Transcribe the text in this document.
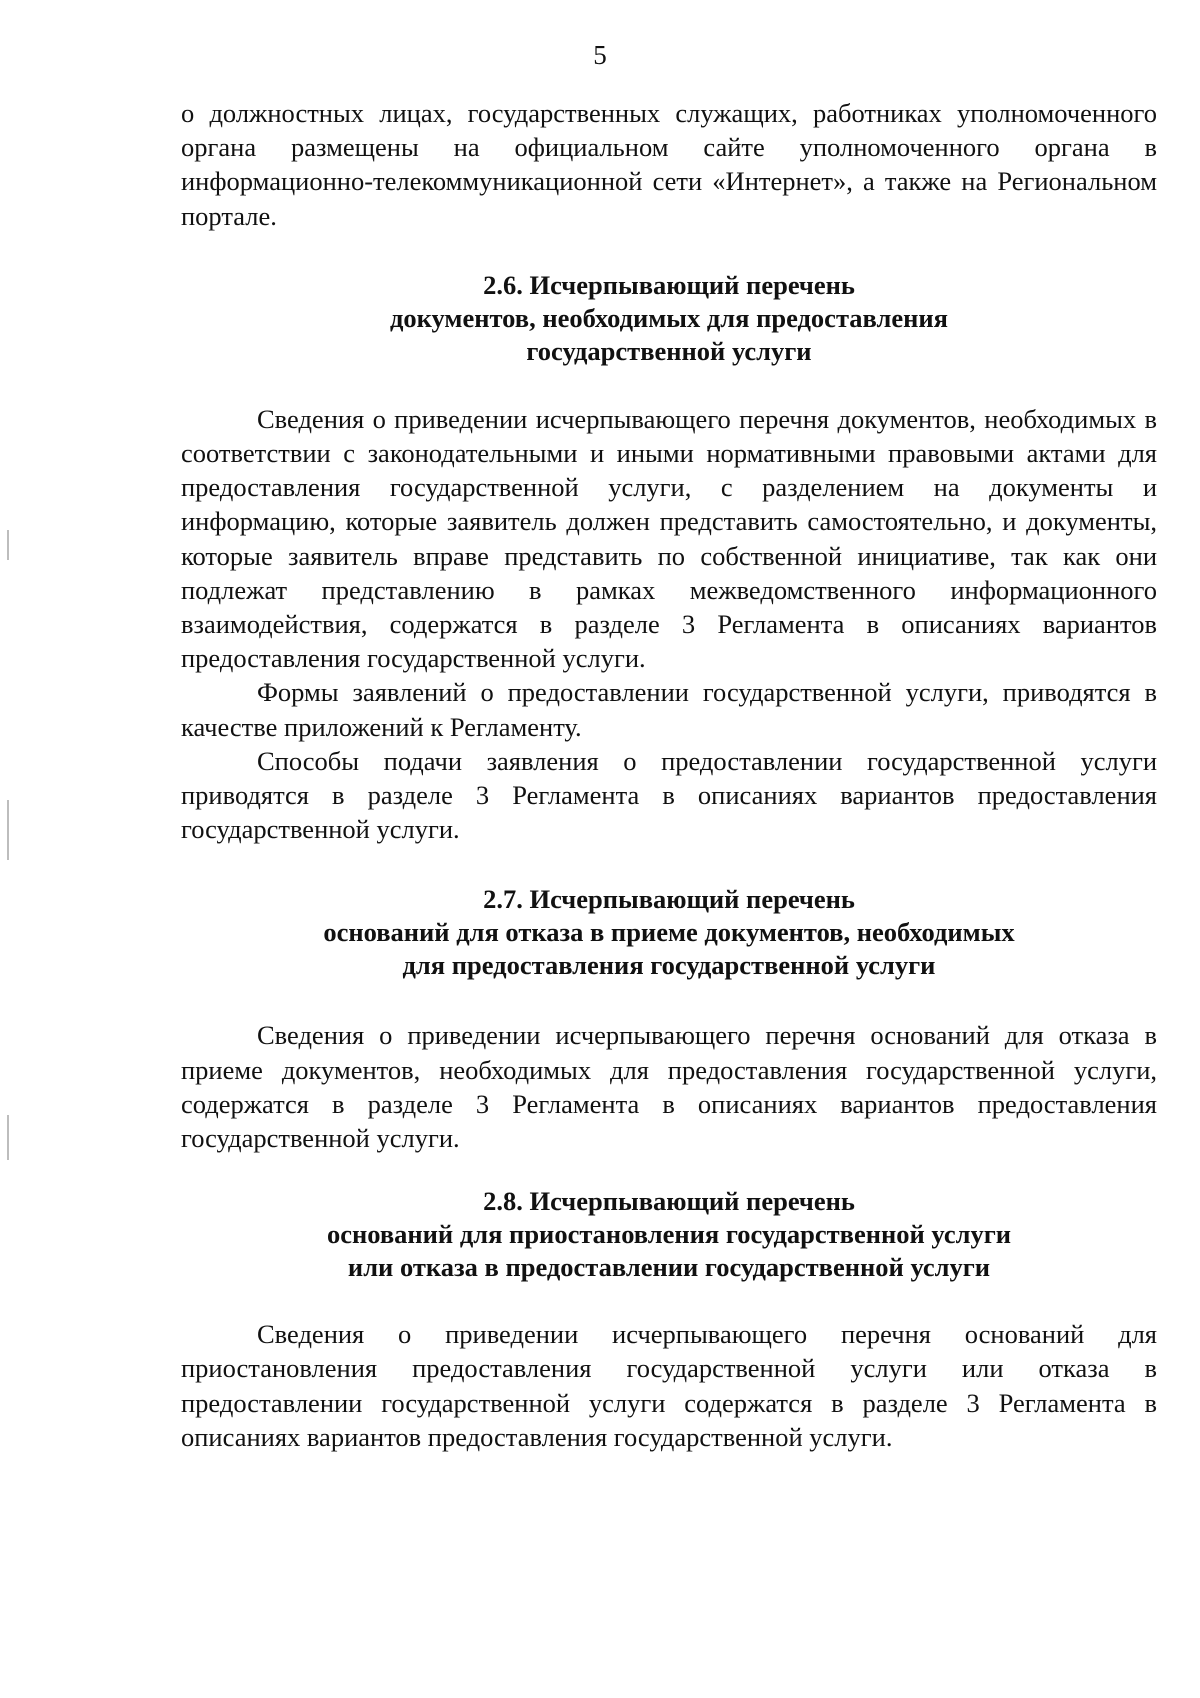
5

о должностных лицах, государственных служащих, работниках уполномоченного органа размещены на официальном сайте уполномоченного органа в информационно-телекоммуникационной сети «Интернет», а также на Региональном портале.

2.6. Исчерпывающий перечень
документов, необходимых для предоставления
государственной услуги

Сведения о приведении исчерпывающего перечня документов, необходимых в соответствии с законодательными и иными нормативными правовыми актами для предоставления государственной услуги, с разделением на документы и информацию, которые заявитель должен представить самостоятельно, и документы, которые заявитель вправе представить по собственной инициативе, так как они подлежат представлению в рамках межведомственного информационного взаимодействия, содержатся в разделе 3 Регламента в описаниях вариантов предоставления государственной услуги.

Формы заявлений о предоставлении государственной услуги, приводятся в качестве приложений к Регламенту.

Способы подачи заявления о предоставлении государственной услуги приводятся в разделе 3 Регламента в описаниях вариантов предоставления государственной услуги.

2.7. Исчерпывающий перечень
оснований для отказа в приеме документов, необходимых
для предоставления государственной услуги

Сведения о приведении исчерпывающего перечня оснований для отказа в приеме документов, необходимых для предоставления государственной услуги, содержатся в разделе 3 Регламента в описаниях вариантов предоставления государственной услуги.

2.8. Исчерпывающий перечень
оснований для приостановления государственной услуги
или отказа в предоставлении государственной услуги

Сведения о приведении исчерпывающего перечня оснований для приостановления предоставления государственной услуги или отказа в предоставлении государственной услуги содержатся в разделе 3 Регламента в описаниях вариантов предоставления государственной услуги.
